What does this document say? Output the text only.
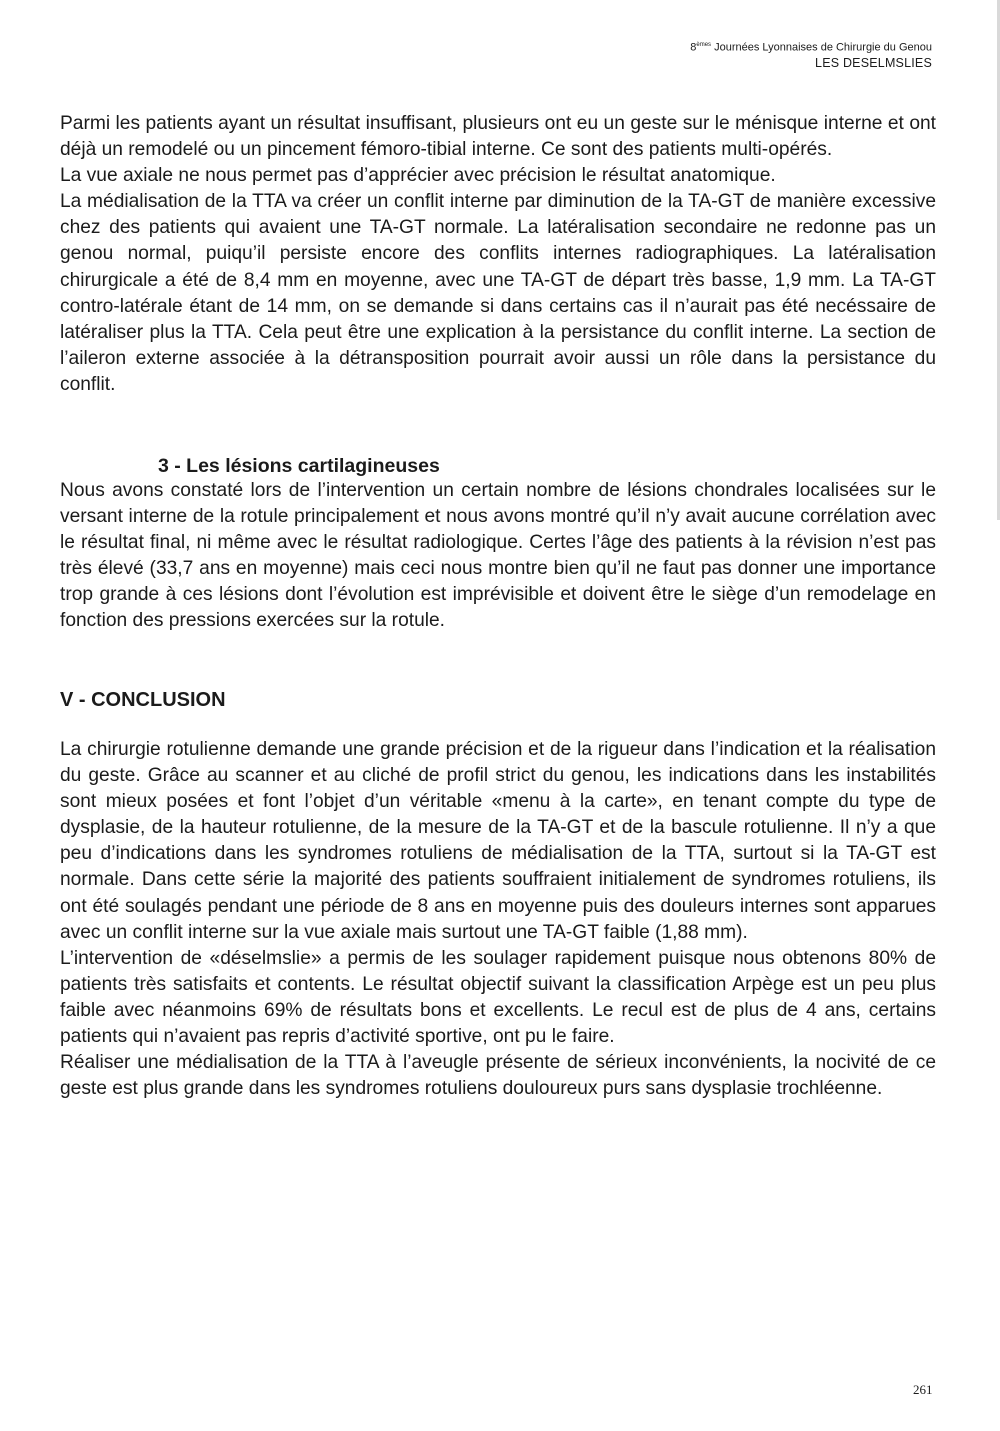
8èmes Journées Lyonnaises de Chirurgie du Genou
LES DESELMSLIES

Parmi les patients ayant un résultat insuffisant, plusieurs ont eu un geste sur le ménisque interne et ont déjà un remodelé ou un pincement fémoro-tibial interne. Ce sont des patients multi-opérés.

La vue axiale ne nous permet pas d’apprécier avec précision le résultat anatomique.

La médialisation de la TTA va créer un conflit interne par diminution de la TA-GT de manière excessive chez des patients qui avaient une TA-GT normale. La latéralisation secondaire ne redonne pas un genou normal, puiqu’il persiste encore des conflits internes radiographiques. La latéralisation chirurgicale a été de 8,4 mm en moyenne, avec une TA-GT de départ très basse, 1,9 mm. La TA-GT contro-latérale étant de 14 mm, on se demande si dans certains cas il n’aurait pas été necéssaire de latéraliser plus la TTA. Cela peut être une explication à la persistance du conflit interne. La section de l’aileron externe associée à la détransposition pourrait avoir aussi un rôle dans la persistance du conflit.

3 - Les lésions cartilagineuses

Nous avons constaté lors de l’intervention un certain nombre de lésions chondrales localisées sur le versant interne de la rotule principalement et nous avons montré qu’il n’y avait aucune corrélation avec le résultat final, ni même avec le résultat radiologique. Certes l’âge des patients à la révision n’est pas très élevé (33,7 ans en moyenne) mais ceci nous montre bien qu’il ne faut pas donner une importance trop grande à ces lésions dont l’évolution est imprévisible et doivent être le siège d’un remodelage en fonction des pressions exercées sur la rotule.

V - CONCLUSION

La chirurgie rotulienne demande une grande précision et de la rigueur dans l’indication et la réalisation du geste. Grâce au scanner et au cliché de profil strict du genou, les indications dans les instabilités sont mieux posées et font l’objet d’un véritable «menu à la carte», en tenant compte du type de dysplasie, de la hauteur rotulienne, de la mesure de la TA-GT et de la bascule rotulienne. Il n’y a que peu d’indications dans les syndromes rotuliens de médialisation de la TTA, surtout si la TA-GT est normale. Dans cette série la majorité des patients souffraient initialement de syndromes rotuliens, ils ont été soulagés pendant une période de 8 ans en moyenne puis des douleurs internes sont apparues avec un conflit interne sur la vue axiale mais surtout une TA-GT faible (1,88 mm).

L’intervention de «déselmslie» a permis de les soulager rapidement puisque nous obtenons 80% de patients très satisfaits et contents. Le résultat objectif suivant la classification Arpège est un peu plus faible avec néanmoins 69% de résultats bons et excellents. Le recul est de plus de 4 ans, certains patients qui n’avaient pas repris d’activité sportive, ont pu le faire.

Réaliser une médialisation de la TTA à l’aveugle présente de sérieux inconvénients, la nocivité de ce geste est plus grande dans les syndromes rotuliens douloureux purs sans dysplasie trochléenne.

261
